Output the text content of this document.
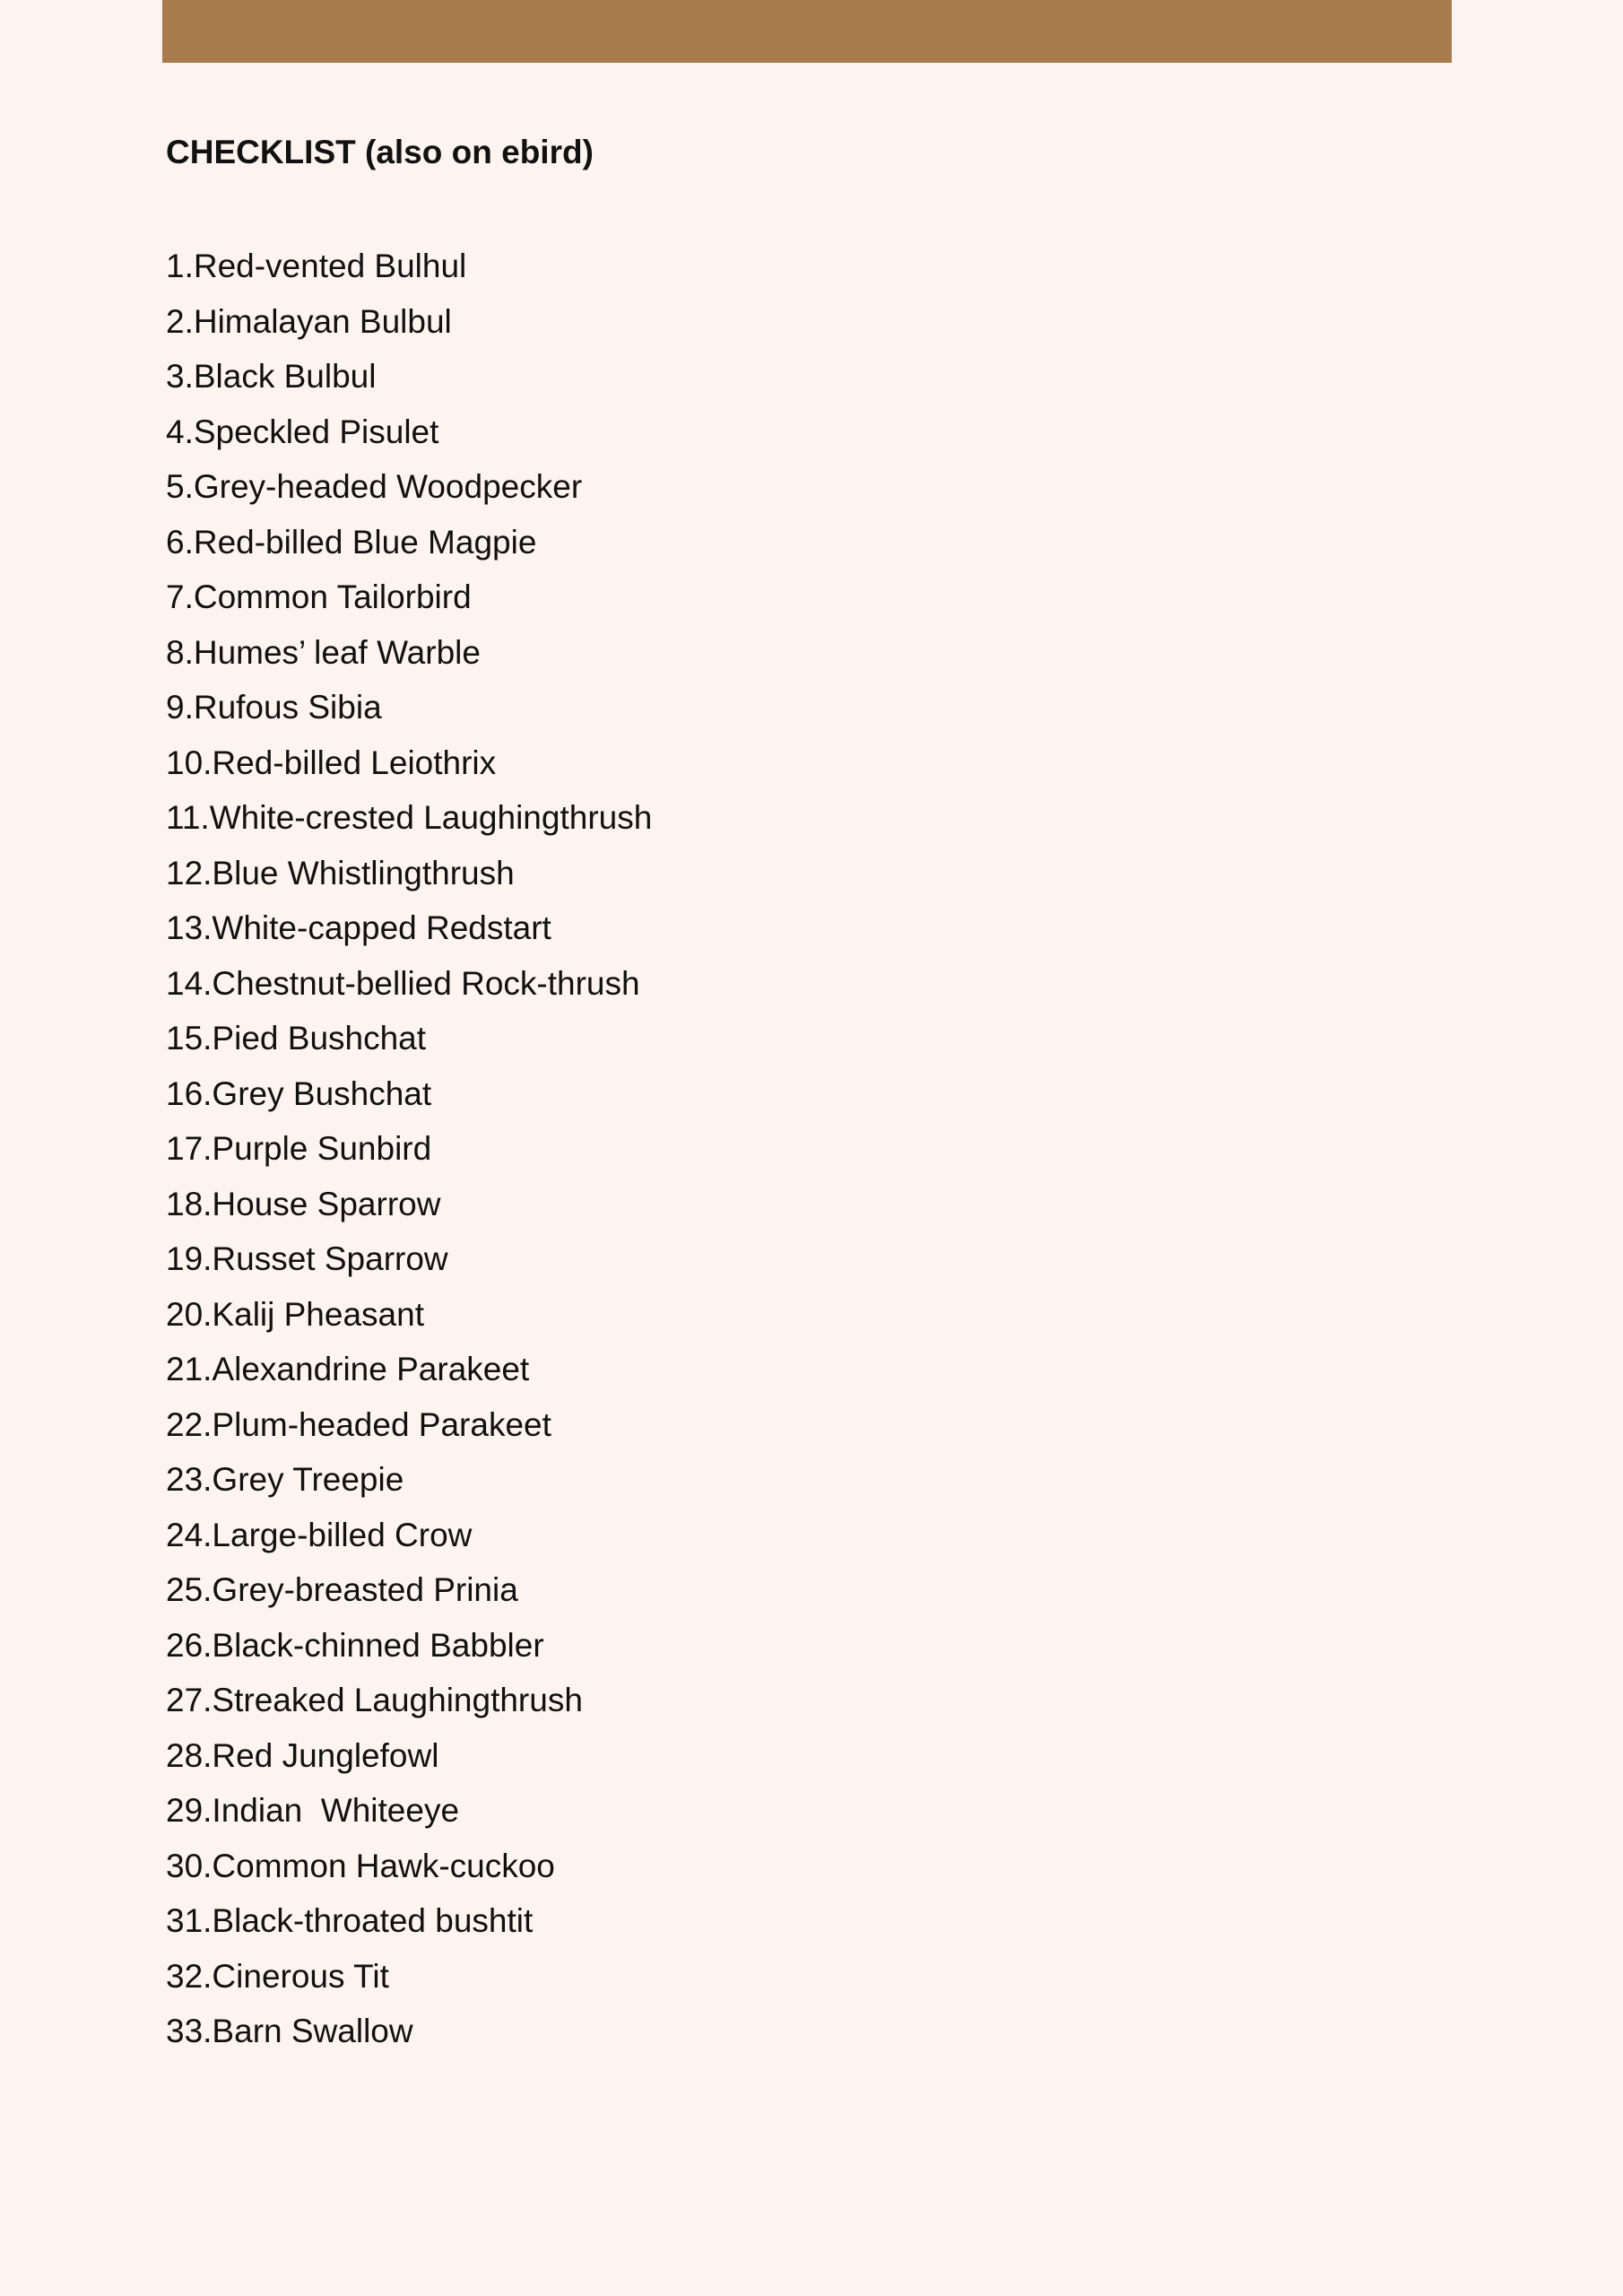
CHECKLIST (also on ebird)
1.Red-vented Bulhul
2.Himalayan Bulbul
3.Black Bulbul
4.Speckled Pisulet
5.Grey-headed Woodpecker
6.Red-billed Blue Magpie
7.Common Tailorbird
8.Humes’ leaf Warble
9.Rufous Sibia
10.Red-billed Leiothrix
11.White-crested Laughingthrush
12.Blue Whistlingthrush
13.White-capped Redstart
14.Chestnut-bellied Rock-thrush
15.Pied Bushchat
16.Grey Bushchat
17.Purple Sunbird
18.House Sparrow
19.Russet Sparrow
20.Kalij Pheasant
21.Alexandrine Parakeet
22.Plum-headed Parakeet
23.Grey Treepie
24.Large-billed Crow
25.Grey-breasted Prinia
26.Black-chinned Babbler
27.Streaked Laughingthrush
28.Red Junglefowl
29.Indian  Whiteeye
30.Common Hawk-cuckoo
31.Black-throated bushtit
32.Cinerous Tit
33.Barn Swallow
